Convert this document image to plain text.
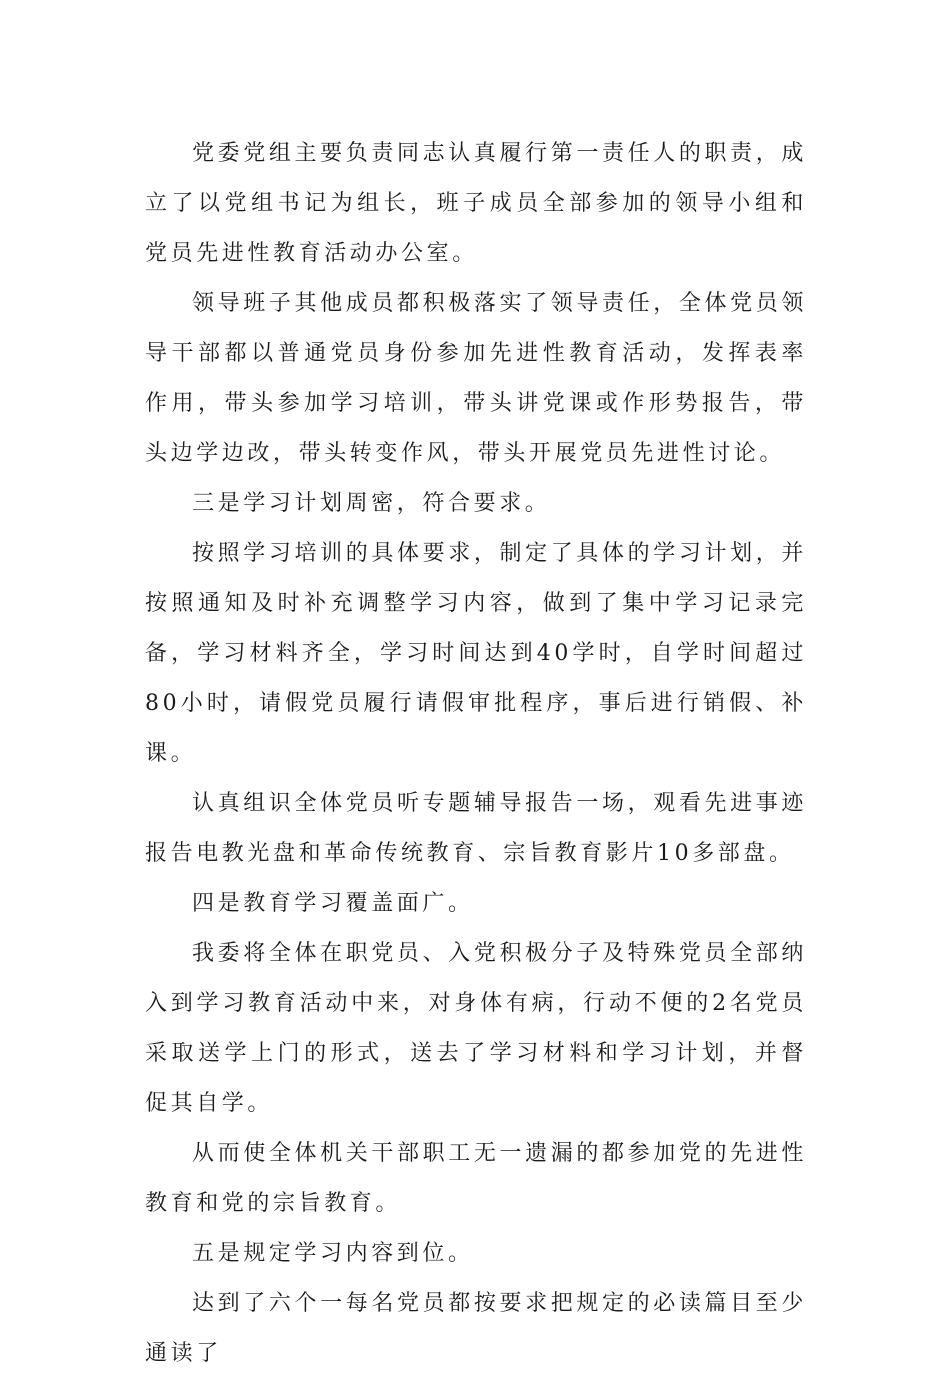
党委党组主要负责同志认真履行第一责任人的职责，成立了以党组书记为组长，班子成员全部参加的领导小组和党员先进性教育活动办公室。

领导班子其他成员都积极落实了领导责任，全体党员领导干部都以普通党员身份参加先进性教育活动，发挥表率作用，带头参加学习培训，带头讲党课或作形势报告，带头边学边改，带头转变作风，带头开展党员先进性讨论。

三是学习计划周密，符合要求。

按照学习培训的具体要求，制定了具体的学习计划，并按照通知及时补充调整学习内容，做到了集中学习记录完备，学习材料齐全，学习时间达到40学时，自学时间超过80小时，请假党员履行请假审批程序，事后进行销假、补课。

认真组识全体党员听专题辅导报告一场，观看先进事迹报告电教光盘和革命传统教育、宗旨教育影片10多部盘。

四是教育学习覆盖面广。

我委将全体在职党员、入党积极分子及特殊党员全部纳入到学习教育活动中来，对身体有病，行动不便的2名党员采取送学上门的形式，送去了学习材料和学习计划，并督促其自学。

从而使全体机关干部职工无一遗漏的都参加党的先进性教育和党的宗旨教育。

五是规定学习内容到位。

达到了六个一每名党员都按要求把规定的必读篇目至少通读了
